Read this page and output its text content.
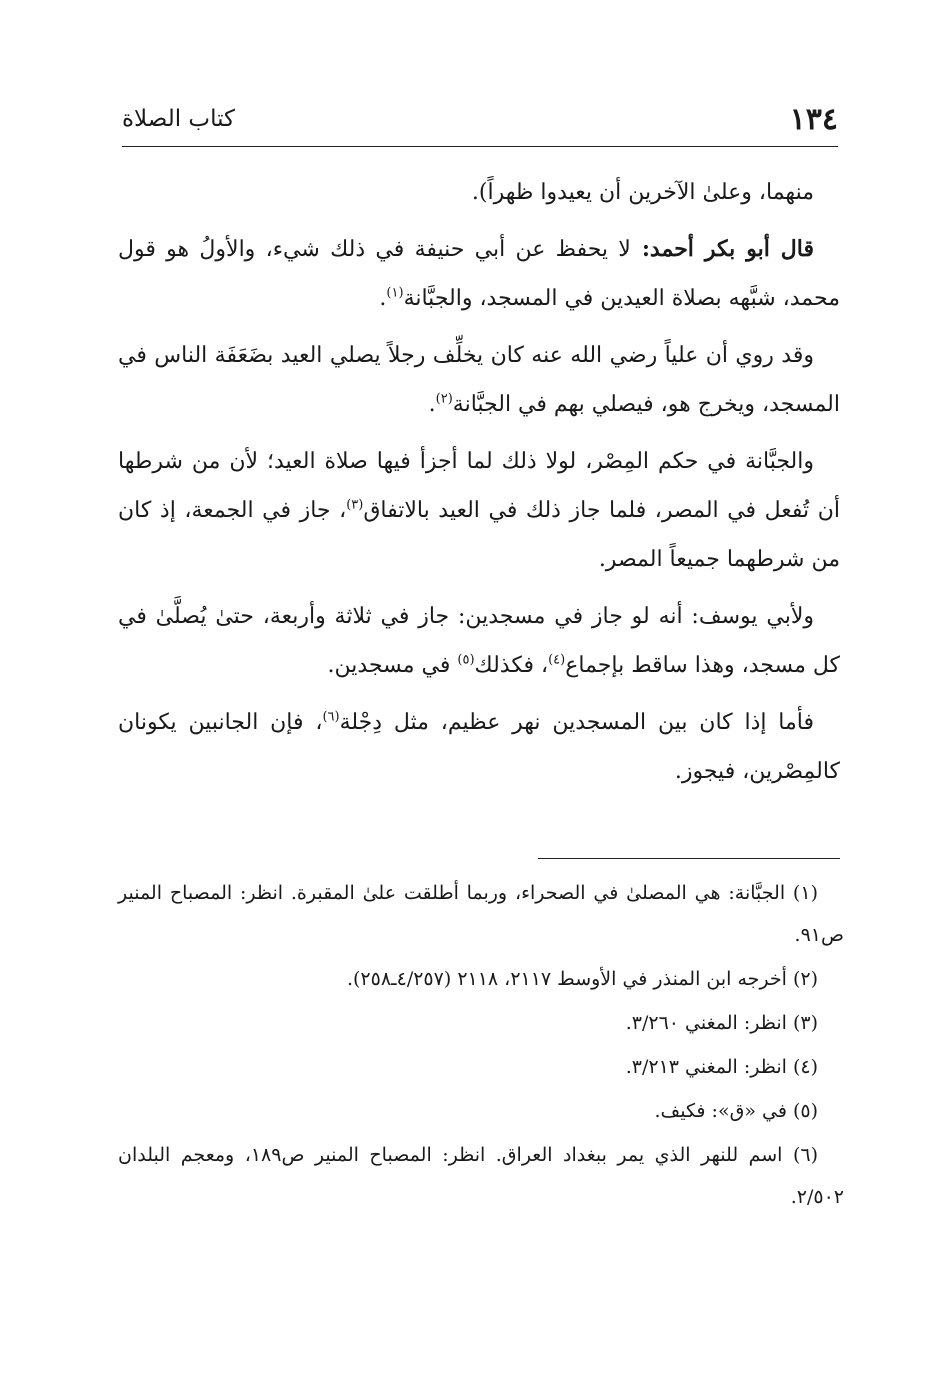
١٣٤
كتاب الصلاة

منهما، وعلىٰ الآخرين أن يعيدوا ظهراً).

قال أبو بكر أحمد: لا يحفظ عن أبي حنيفة في ذلك شيء، والأولُ هو قول محمد، شبَّهه بصلاة العيدين في المسجد، والجبَّانة$^{(١)}$.

وقد روي أن علياً رضي الله عنه كان يخلِّف رجلاً يصلي العيد بضَعَفَة الناس في المسجد، ويخرج هو، فيصلي بهم في الجبَّانة$^{(٢)}$.

والجبَّانة في حكم المِصْر، لولا ذلك لما أجزأ فيها صلاة العيد؛ لأن من شرطها أن تُفعل في المصر، فلما جاز ذلك في العيد بالاتفاق$^{(٣)}$، جاز في الجمعة، إذ كان من شرطهما جميعاً المصر.

ولأبي يوسف: أنه لو جاز في مسجدين: جاز في ثلاثة وأربعة، حتىٰ يُصلَّىٰ في كل مسجد، وهذا ساقط بإجماع$^{(٤)}$، فكذلك$^{(٥)}$ في مسجدين.

فأما إذا كان بين المسجدين نهر عظيم، مثل دِجْلة$^{(٦)}$، فإن الجانبين يكونان كالمِصْرين، فيجوز.

(١) الجبَّانة: هي المصلىٰ في الصحراء، وربما أطلقت علىٰ المقبرة. انظر: المصباح المنير ص٩١.

(٢) أخرجه ابن المنذر في الأوسط ٢١١٧، ٢١١٨ (٤/٢٥٧ـ٢٥٨).

(٣) انظر: المغني ٣/٢٦٠.

(٤) انظر: المغني ٣/٢١٣.

(٥) في «ق»: فكيف.

(٦) اسم للنهر الذي يمر ببغداد العراق. انظر: المصباح المنير ص١٨٩، ومعجم البلدان ٢/٥٠٢.
